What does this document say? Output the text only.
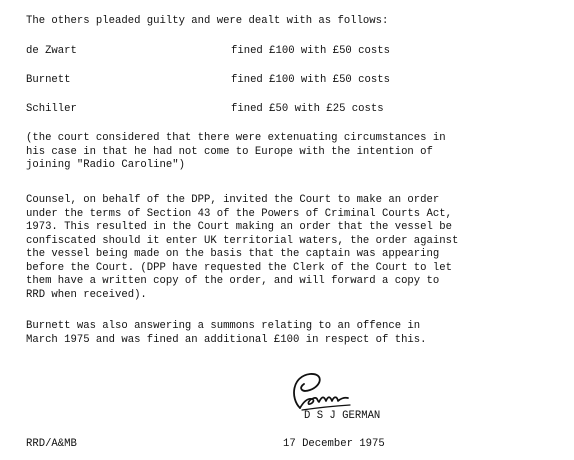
The others pleaded guilty and were dealt with as follows:
de Zwart	fined £100 with £50 costs
Burnett	fined £100 with £50 costs
Schiller	fined £50 with £25 costs
(the court considered that there were extenuating circumstances in
his case in that he had not come to Europe with the intention of
joining "Radio Caroline")
Counsel, on behalf of the DPP, invited the Court to make an order
under the terms of Section 43 of the Powers of Criminal Courts Act,
1973. This resulted in the Court making an order that the vessel be
confiscated should it enter UK territorial waters, the order against
the vessel being made on the basis that the captain was appearing
before the Court. (DPP have requested the Clerk of the Court to let
them have a written copy of the order, and will forward a copy to
RRD when received).
Burnett was also answering a summons relating to an offence in
March 1975 and was fined an additional £100 in respect of this.
D S J GERMAN
RRD/A&MB	17 December 1975
